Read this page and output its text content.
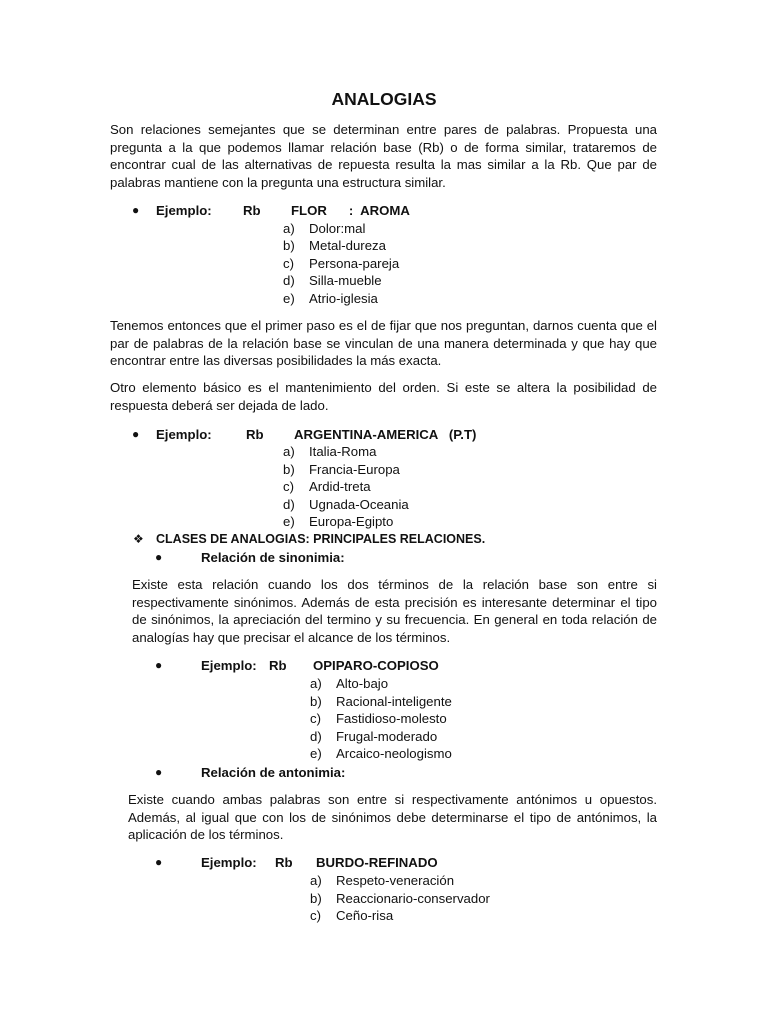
ANALOGIAS

Son relaciones semejantes que se determinan entre pares de palabras. Propuesta una pregunta a la que podemos llamar relación base (Rb) o de forma similar, trataremos de encontrar cual de las alternativas de repuesta resulta la mas similar a la Rb. Que par de palabras mantiene con la pregunta una estructura similar.

● Ejemplo: Rb FLOR      :  AROMA
a) Dolor:mal
b) Metal-dureza
c) Persona-pareja
d) Silla-mueble
e) Atrio-iglesia

Tenemos entonces que el primer paso es el de fijar que nos preguntan, darnos cuenta que el par de palabras de la relación base se vinculan de una manera determinada y que hay que encontrar entre las diversas posibilidades la más exacta.

Otro elemento básico es el mantenimiento del orden. Si este se altera la posibilidad de respuesta deberá ser dejada de lado.

● Ejemplo:	Rb ARGENTINA-AMERICA   (P.T)
a) Italia-Roma
b) Francia-Europa
c) Ardid-treta
d) Ugnada-Oceania
e) Europa-Egipto
❖ CLASES DE ANALOGIAS: PRINCIPALES RELACIONES.
●	Relación de sinonimia:

Existe esta relación cuando los dos términos de la relación base son entre si respectivamente sinónimos. Además de esta precisión es interesante determinar el tipo de sinónimos, la apreciación del termino y su frecuencia. En general en toda relación de analogías hay que precisar el alcance de los términos.

●	Ejemplo: Rb OPIPARO-COPIOSO
a) Alto-bajo
b) Racional-inteligente
c) Fastidioso-molesto
d) Frugal-moderado
e) Arcaico-neologismo
●	Relación de antonimia:

Existe cuando ambas palabras son entre si respectivamente antónimos u opuestos. Además, al igual que con los de sinónimos debe determinarse el tipo de antónimos, la aplicación de los términos.

●	Ejemplo: Rb BURDO-REFINADO
a) Respeto-veneración
b) Reaccionario-conservador
c) Ceño-risa
